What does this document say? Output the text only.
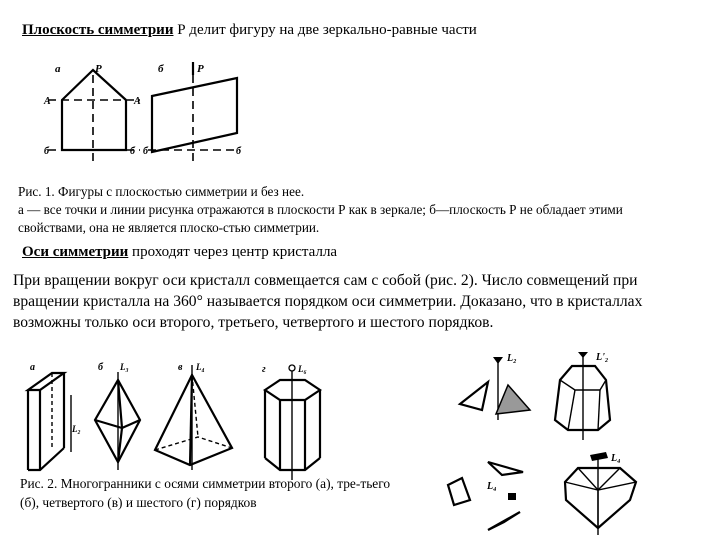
Плоскость симметрии Р делит фигуру на две зеркально-равные части
а	Р
А	А
б	б
б	Р
б	б
а
L₂
б L₃	в L₄	г	L₆
L₂	L'₂
L₄
L₄
Рис. 1. Фигуры с плоскостью симметрии и без нее.
а — все точки и линии рисунка отражаются в плоскости Р как в зеркале; б—плоскость Р не обладает этими свойствами, она не является плоско-стью симметрии.
Оси симметрии проходят через центр кристалла
При вращении вокруг оси кристалл совмещается сам с собой (рис. 2). Число совмещений при вращении кристалла на 360° называется порядком оси симметрии. Доказано, что в кристаллах возможны только оси второго, третьего, четвертого и шестого порядков.
Рис. 2. Многогранники с осями симметрии второго (а), тре-тьего (б), четвертого (в) и шестого (г) порядков
